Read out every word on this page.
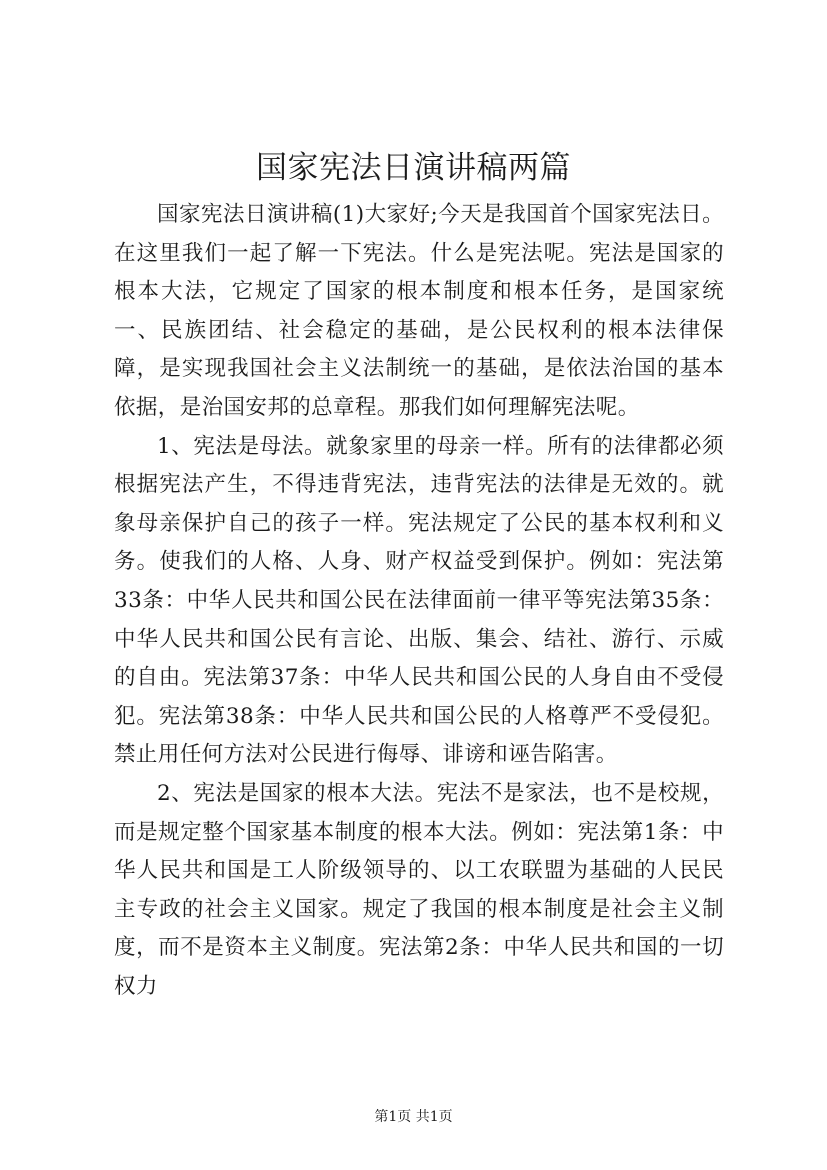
国家宪法日演讲稿两篇

国家宪法日演讲稿(1)大家好;今天是我国首个国家宪法日。在这里我们一起了解一下宪法。什么是宪法呢。宪法是国家的根本大法，它规定了国家的根本制度和根本任务，是国家统一、民族团结、社会稳定的基础，是公民权利的根本法律保障，是实现我国社会主义法制统一的基础，是依法治国的基本依据，是治国安邦的总章程。那我们如何理解宪法呢。

1、宪法是母法。就象家里的母亲一样。所有的法律都必须根据宪法产生，不得违背宪法，违背宪法的法律是无效的。就象母亲保护自己的孩子一样。宪法规定了公民的基本权利和义务。使我们的人格、人身、财产权益受到保护。例如：宪法第33条：中华人民共和国公民在法律面前一律平等宪法第35条：中华人民共和国公民有言论、出版、集会、结社、游行、示威的自由。宪法第37条：中华人民共和国公民的人身自由不受侵犯。宪法第38条：中华人民共和国公民的人格尊严不受侵犯。禁止用任何方法对公民进行侮辱、诽谤和诬告陷害。

2、宪法是国家的根本大法。宪法不是家法，也不是校规，而是规定整个国家基本制度的根本大法。例如：宪法第1条：中华人民共和国是工人阶级领导的、以工农联盟为基础的人民民主专政的社会主义国家。规定了我国的根本制度是社会主义制度，而不是资本主义制度。宪法第2条：中华人民共和国的一切权力

第1页 共1页
